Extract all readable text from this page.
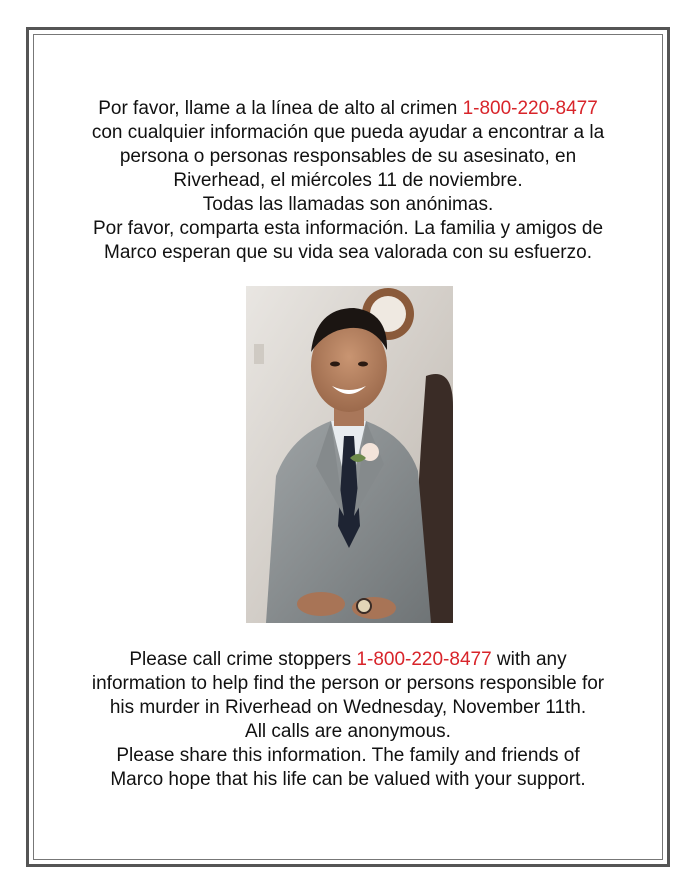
Por favor, llame a la línea de alto al crimen 1-800-220-8477

con cualquier información que pueda ayudar a encontrar a la

persona o personas responsables de su asesinato, en

Riverhead, el miércoles 11 de noviembre.

Todas las llamadas son anónimas.

Por favor, comparta esta información. La familia y amigos de

Marco esperan que su vida sea valorada con su esfuerzo.

Please call crime stoppers 1-800-220-8477 with any

information to help find the person or persons responsible for

his murder in Riverhead on Wednesday, November 11th.

All calls are anonymous.

Please share this information. The family and friends of

Marco hope that his life can be valued with your support.
